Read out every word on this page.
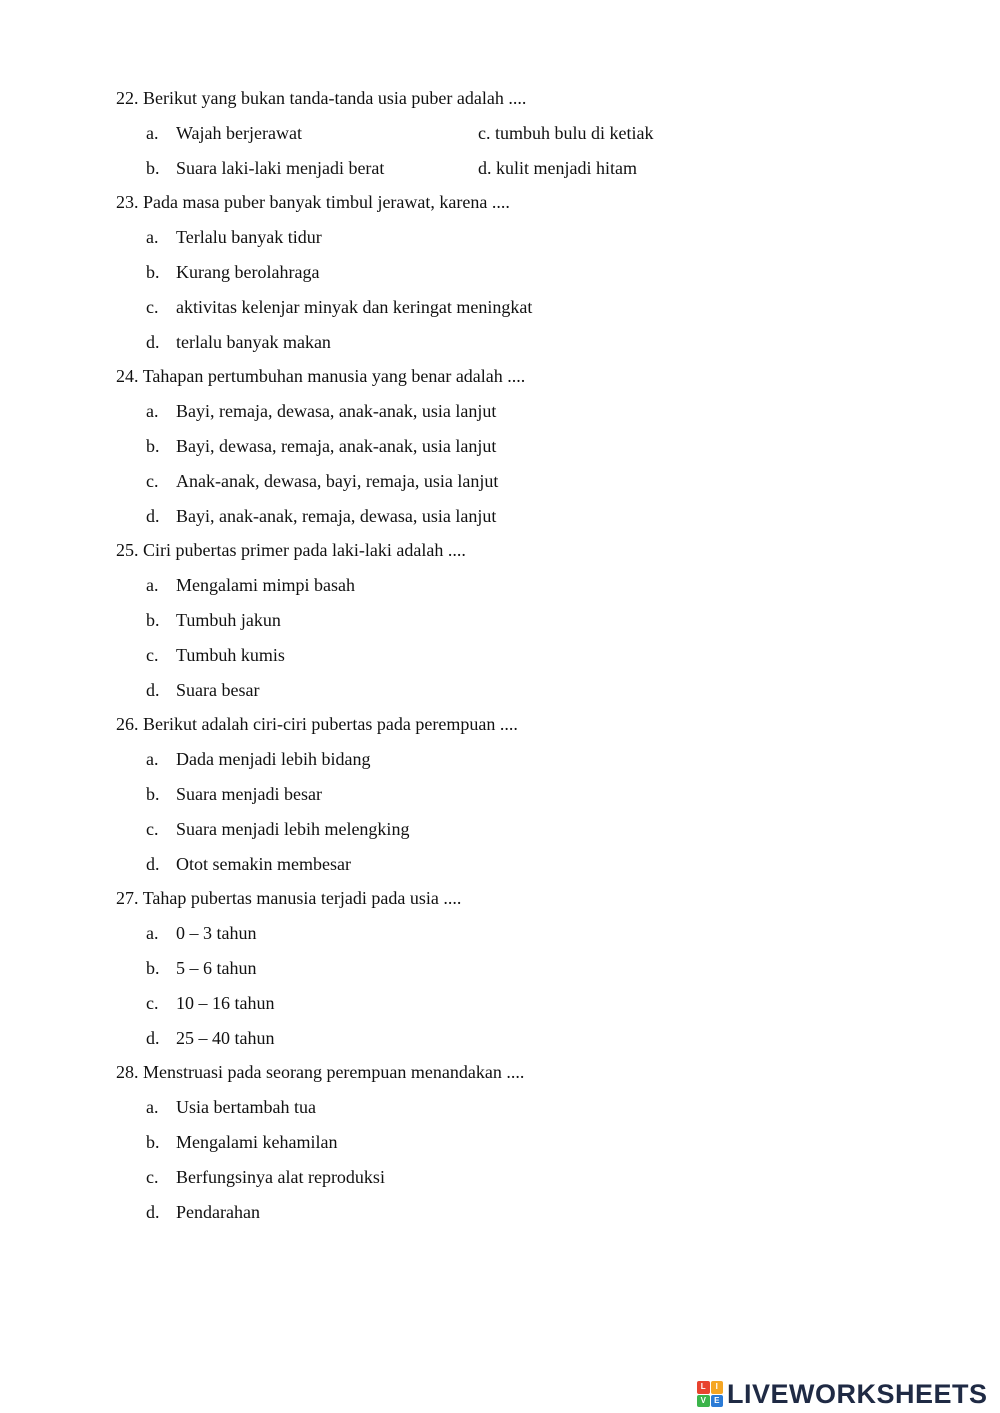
22. Berikut yang bukan tanda-tanda usia puber adalah ....
a. Wajah berjerawat	c. tumbuh bulu di ketiak
b. Suara laki-laki menjadi berat	d. kulit menjadi hitam
23. Pada masa puber banyak timbul jerawat, karena ....
a. Terlalu banyak tidur
b. Kurang berolahraga
c. aktivitas kelenjar minyak dan keringat meningkat
d. terlalu banyak makan
24. Tahapan pertumbuhan manusia yang benar adalah ....
a. Bayi, remaja, dewasa, anak-anak, usia lanjut
b. Bayi, dewasa, remaja, anak-anak, usia lanjut
c. Anak-anak, dewasa, bayi, remaja, usia lanjut
d. Bayi, anak-anak, remaja, dewasa, usia lanjut
25. Ciri pubertas primer pada laki-laki adalah ....
a. Mengalami mimpi basah
b. Tumbuh jakun
c. Tumbuh kumis
d. Suara besar
26. Berikut adalah ciri-ciri pubertas pada perempuan ....
a. Dada menjadi lebih bidang
b. Suara menjadi besar
c. Suara menjadi lebih melengking
d. Otot semakin membesar
27. Tahap pubertas manusia terjadi pada usia ....
a. 0 – 3 tahun
b. 5 – 6 tahun
c. 10 – 16 tahun
d. 25 – 40 tahun
28. Menstruasi pada seorang perempuan menandakan ....
a. Usia bertambah tua
b. Mengalami kehamilan
c. Berfungsinya alat reproduksi
d. Pendarahan
L	I
V	E LIVEWORKSHEETS
